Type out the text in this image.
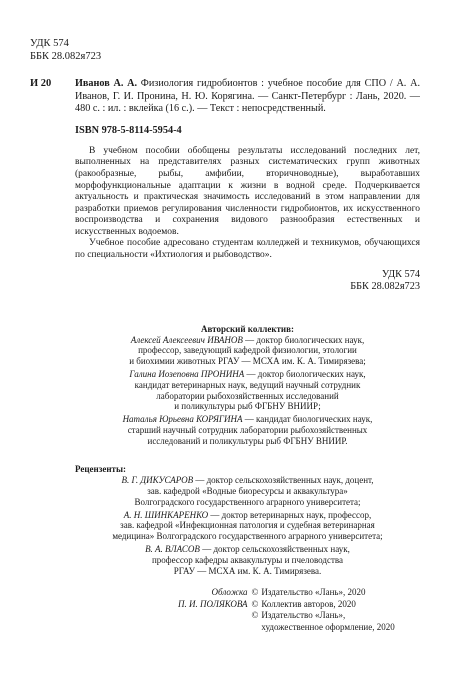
УДК 574
ББК 28.082я723
И 20	Иванов А. А. Физиология гидробионтов : учебное пособие для СПО / А. А. Иванов, Г. И. Пронина, Н. Ю. Корягина. — Санкт-Петербург : Лань, 2020. — 480 с. : ил. : вклейка (16 с.). — Текст : непосредственный.
ISBN 978-5-8114-5954-4

В учебном пособии обобщены результаты исследований последних лет, выполненных на представителях разных систематических групп животных (ракообразные, рыбы, амфибии, вторичноводные), выработавших морфофункциональные адаптации к жизни в водной среде. Подчеркивается актуальность и практическая значимость исследований в этом направлении для разработки приемов регулирования численности гидробионтов, их искусственного воспроизводства и сохранения видового разнообразия естественных и искусственных водоемов.

Учебное пособие адресовано студентам колледжей и техникумов, обучающихся по специальности «Ихтиология и рыбоводство».

УДК 574
ББК 28.082я723
Авторский коллектив:
Алексей Алексеевич ИВАНОВ — доктор биологических наук,
профессор, заведующий кафедрой физиологии, этологии
и биохимии животных РГАУ — МСХА им. К. А. Тимирязева;
Галина Иозеповна ПРОНИНА — доктор биологических наук,
кандидат ветеринарных наук, ведущий научный сотрудник
лаборатории рыбохозяйственных исследований
и поликультуры рыб ФГБНУ ВНИИР;
Наталья Юрьевна КОРЯГИНА — кандидат биологических наук,
старший научный сотрудник лаборатории рыбохозяйственных
исследований и поликультуры рыб ФГБНУ ВНИИР.
Рецензенты:
В. Г. ДИКУСАРОВ — доктор сельскохозяйственных наук, доцент,
зав. кафедрой «Водные биоресурсы и аквакультура»
Волгоградского государственного аграрного университета;
А. Н. ШИНКАРЕНКО — доктор ветеринарных наук, профессор,
зав. кафедрой «Инфекционная патология и судебная ветеринарная
медицина» Волгоградского государственного аграрного университета;
В. А. ВЛАСОВ — доктор сельскохозяйственных наук,
профессор кафедры аквакультуры и пчеловодства
РГАУ — МСХА им. К. А. Тимирязева.
Обложка	©	Издательство «Лань», 2020
П. И. ПОЛЯКОВА	©	Коллектив авторов, 2020
	©	Издательство «Лань»,
		художественное оформление, 2020
